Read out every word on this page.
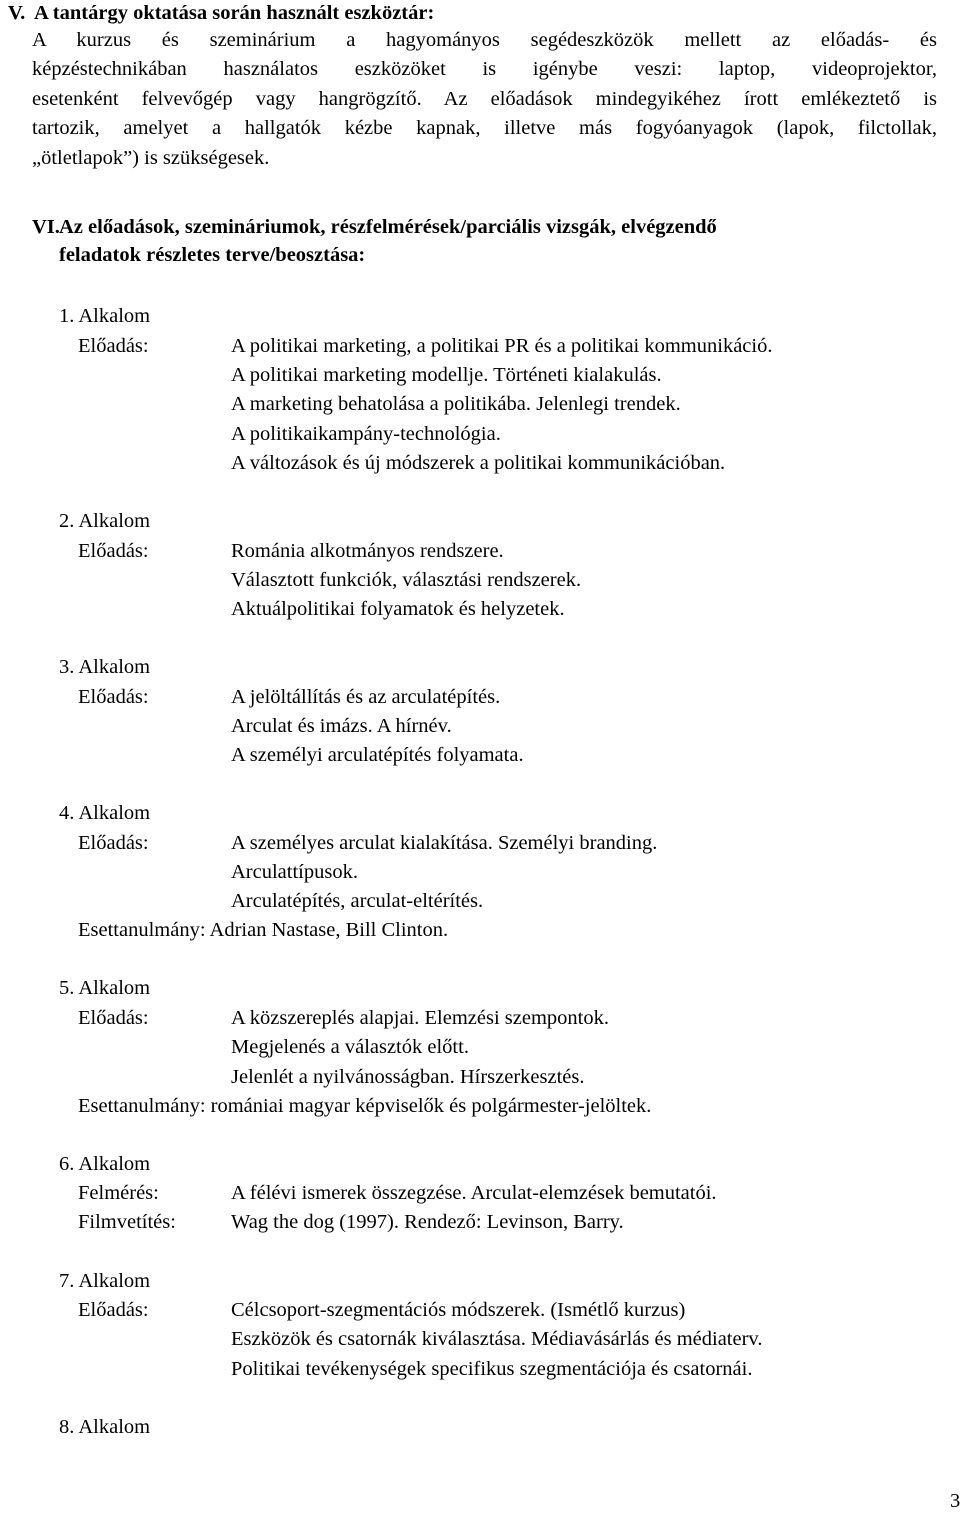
V. A tantárgy oktatása során használt eszköztár:
A kurzus és szeminárium a hagyományos segédeszközök mellett az előadás- és
képzéstechnikában használatos eszközöket is igénybe veszi: laptop, videoprojektor,
esetenként felvevőgép vagy hangrögzítő. Az előadások mindegyikéhez írott emlékeztető is
tartozik, amelyet a hallgatók kézbe kapnak, illetve más fogyóanyagok (lapok, filctollak,
„ötletlapok”) is szükségesek.
VI.Az előadások, szemináriumok, részfelmérések/parciális vizsgák, elvégzendő
feladatok részletes terve/beosztása:
1. Alkalom
Előadás:	A politikai marketing, a politikai PR és a politikai kommunikáció.
A politikai marketing modellje. Történeti kialakulás.
A marketing behatolása a politikába. Jelenlegi trendek.
A politikaikampány-technológia.
A változások és új módszerek a politikai kommunikációban.
2. Alkalom
Előadás:	Románia alkotmányos rendszere.
Választott funkciók, választási rendszerek.
Aktuálpolitikai folyamatok és helyzetek.
3. Alkalom
Előadás:	A jelöltállítás és az arculatépítés.
Arculat és imázs. A hírnév.
A személyi arculatépítés folyamata.
4. Alkalom
Előadás:	A személyes arculat kialakítása. Személyi branding.
Arculattípusok.
Arculatépítés, arculat-eltérítés.
Esettanulmány: Adrian Nastase, Bill Clinton.
5. Alkalom
Előadás:	A közszereplés alapjai. Elemzési szempontok.
Megjelenés a választók előtt.
Jelenlét a nyilvánosságban. Hírszerkesztés.
Esettanulmány: romániai magyar képviselők és polgármester-jelöltek.
6. Alkalom
Felmérés:	A félévi ismerek összegzése. Arculat-elemzések bemutatói.
Filmvetítés:	Wag the dog (1997). Rendező: Levinson, Barry.
7. Alkalom
Előadás:	Célcsoport-szegmentációs módszerek. (Ismétlő kurzus)
Eszközök és csatornák kiválasztása. Médiavásárlás és médiaterv.
Politikai tevékenységek specifikus szegmentációja és csatornái.
8. Alkalom
3
